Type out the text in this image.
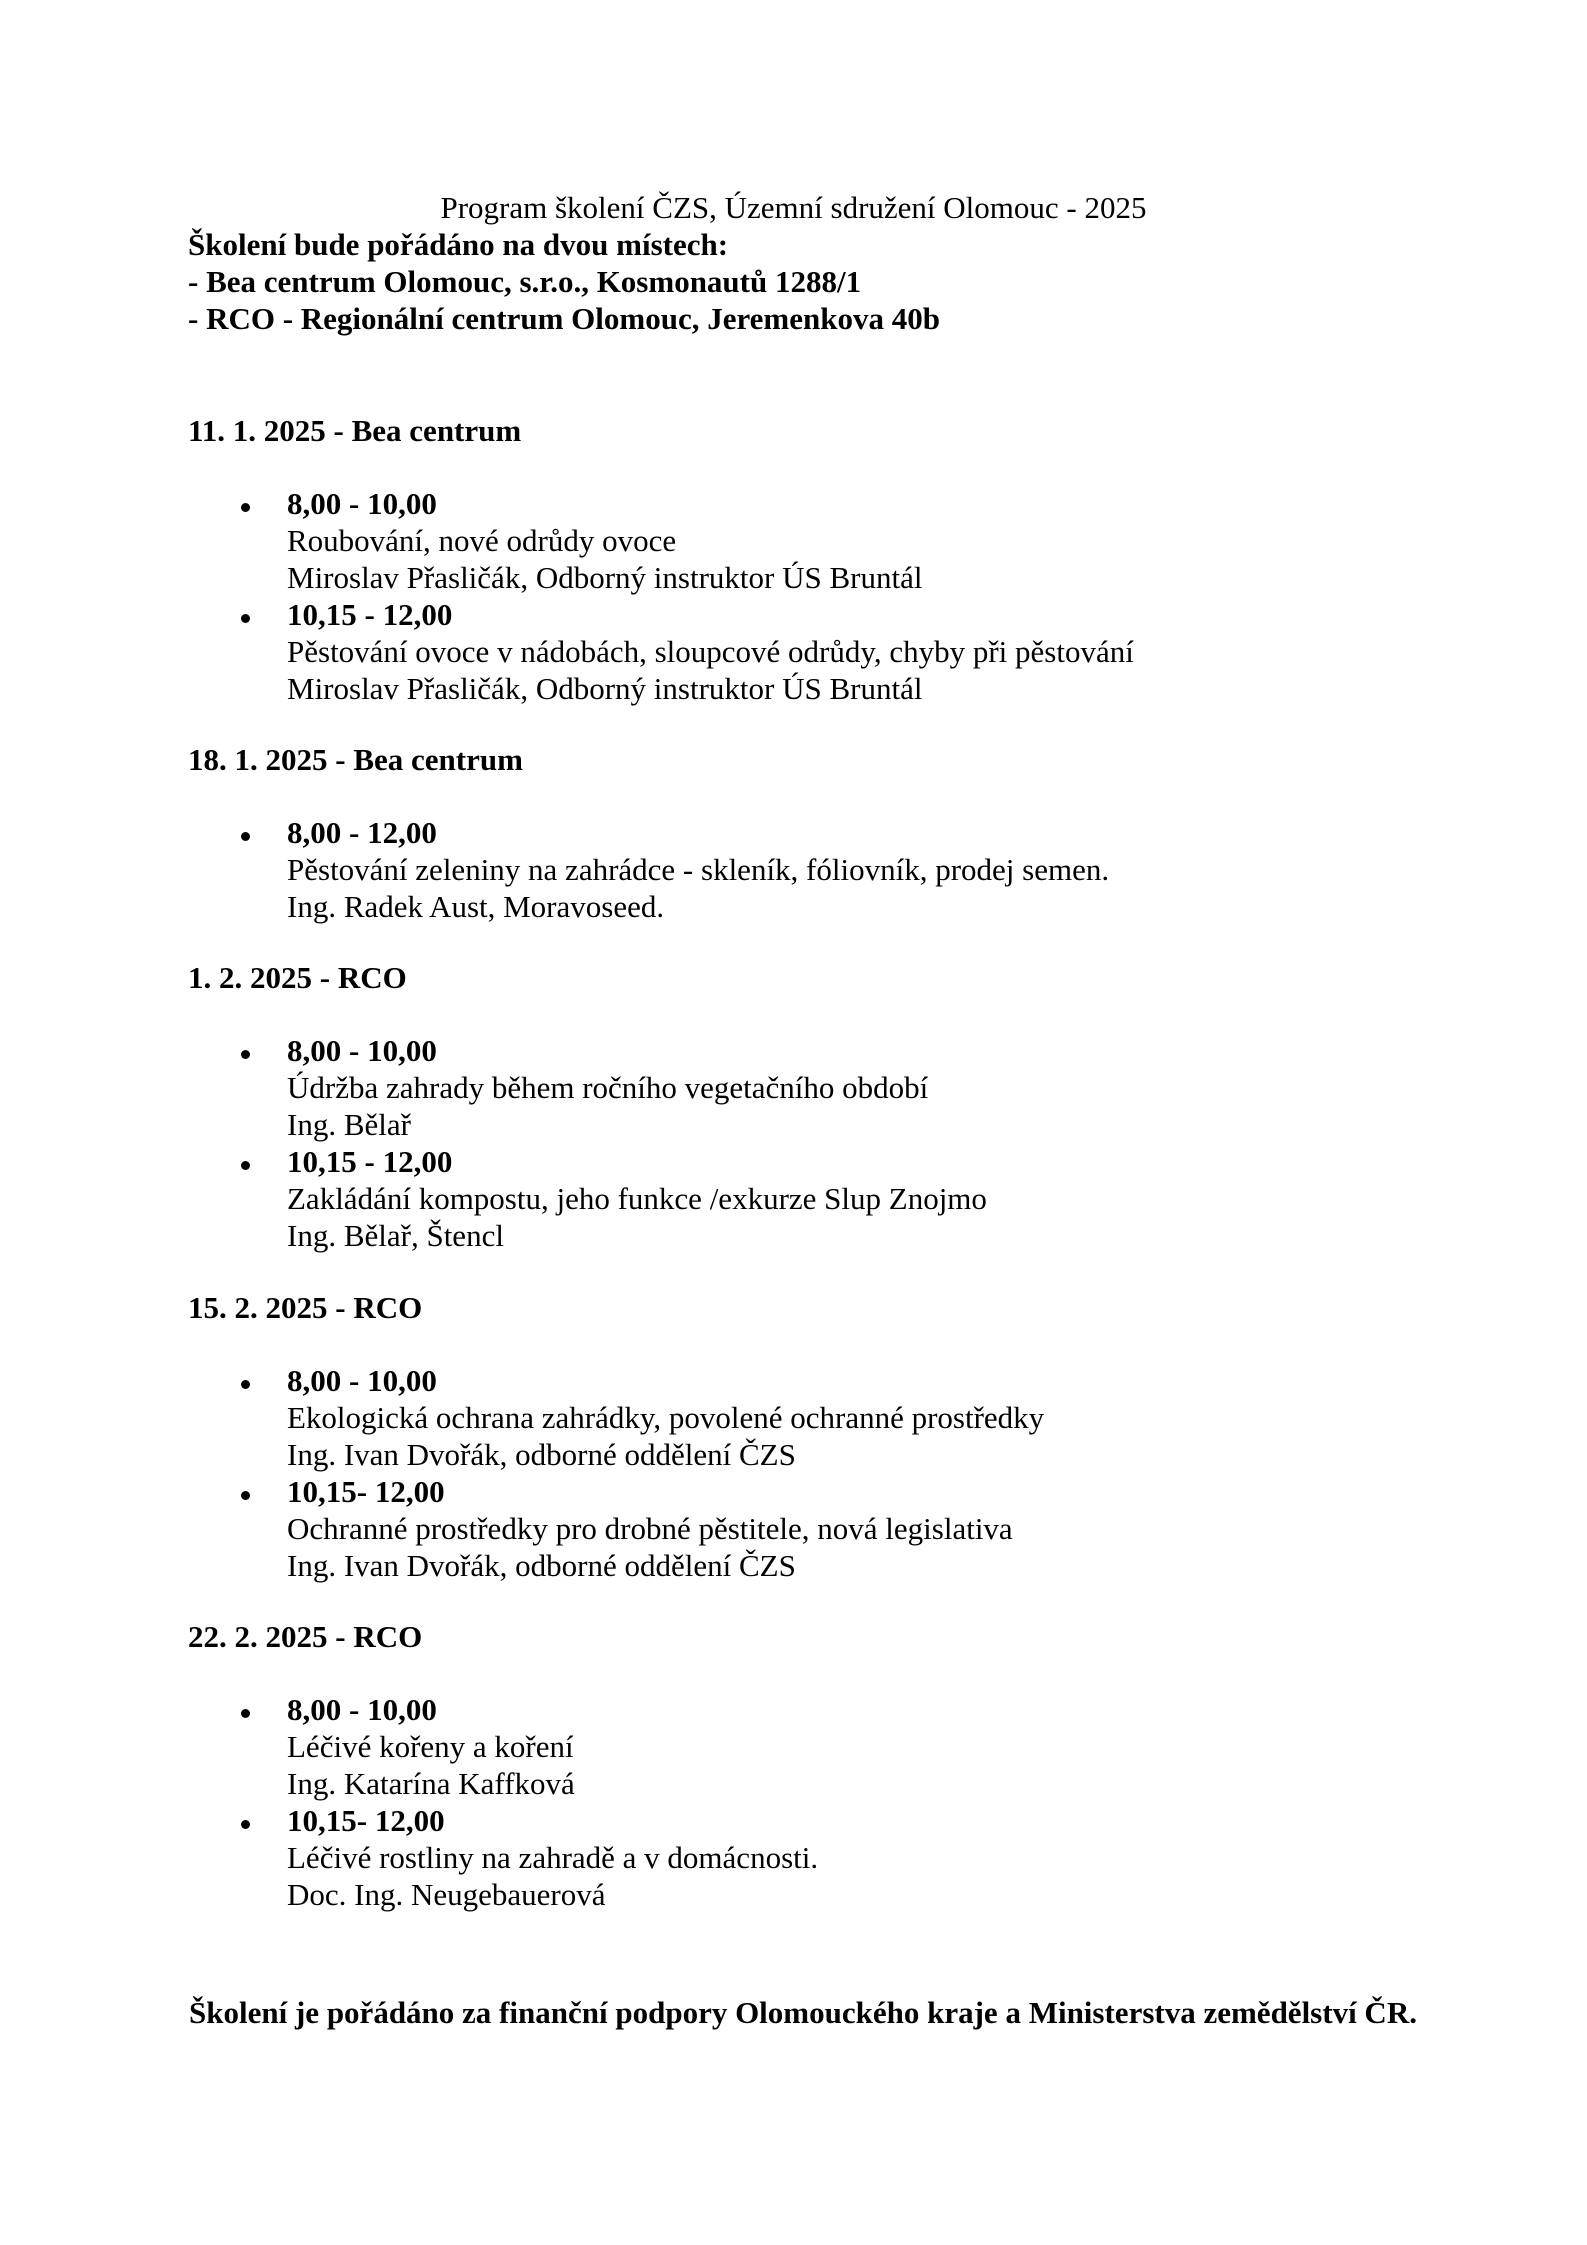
Program školení ČZS, Územní sdružení Olomouc - 2025
Školení bude pořádáno na dvou místech:
- Bea centrum Olomouc, s.r.o., Kosmonautů 1288/1
- RCO - Regionální centrum Olomouc, Jeremenkova 40b
11. 1. 2025 - Bea centrum
8,00 - 10,00
Roubování, nové odrůdy ovoce
Miroslav Přasličák, Odborný instruktor ÚS Bruntál
10,15 - 12,00
Pěstování ovoce v nádobách, sloupcové odrůdy, chyby při pěstování
Miroslav Přasličák, Odborný instruktor ÚS Bruntál
18. 1. 2025 - Bea centrum
8,00 - 12,00
Pěstování zeleniny na zahrádce - skleník, fóliovník, prodej semen.
Ing. Radek Aust, Moravoseed.
1. 2. 2025 - RCO
8,00 - 10,00
Údržba zahrady během ročního vegetačního období
Ing. Bělař
10,15 - 12,00
Zakládání kompostu, jeho funkce /exkurze Slup Znojmo
Ing. Bělař, Štencl
15. 2. 2025 - RCO
8,00 - 10,00
Ekologická ochrana zahrádky, povolené ochranné prostředky
Ing. Ivan Dvořák, odborné oddělení ČZS
10,15- 12,00
Ochranné prostředky pro drobné pěstitele, nová legislativa
Ing. Ivan Dvořák, odborné oddělení ČZS
22. 2. 2025 - RCO
8,00 - 10,00
Léčivé kořeny a koření
Ing. Katarína Kaffková
10,15- 12,00
Léčivé rostliny na zahradě a v domácnosti.
Doc. Ing. Neugebauerová
Školení je pořádáno za finanční podpory Olomouckého kraje a Ministerstva zemědělství ČR.
